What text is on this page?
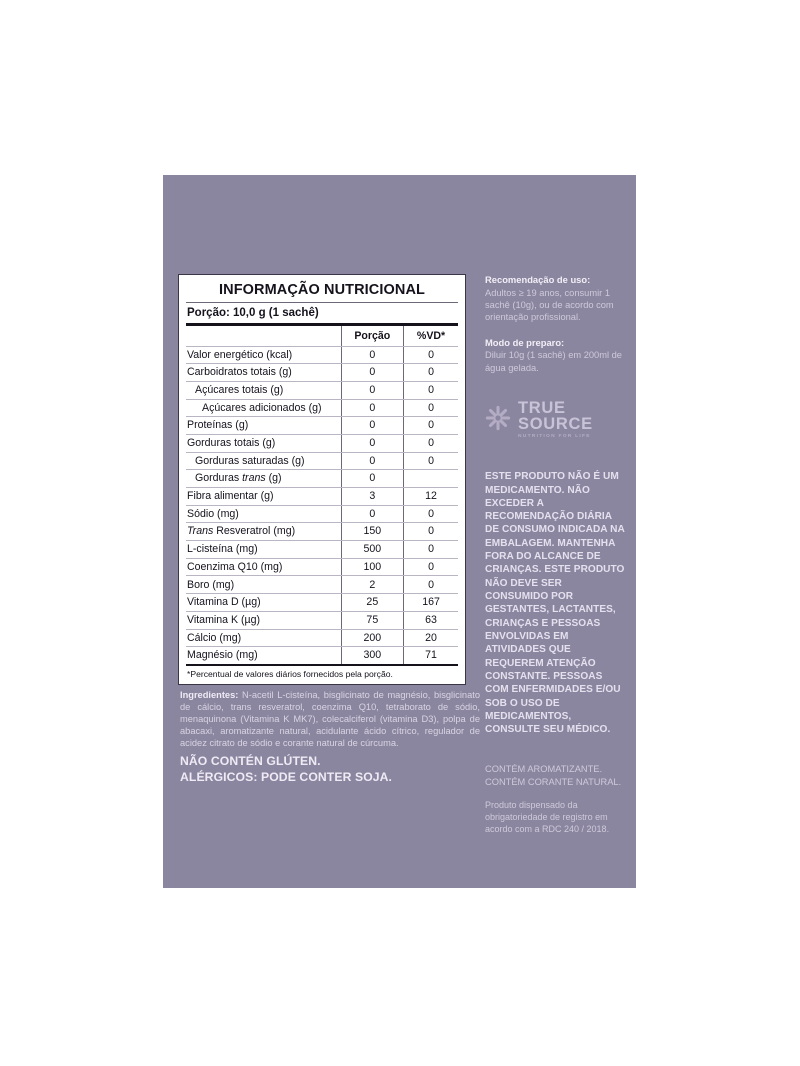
INFORMAÇÃO NUTRICIONAL
Porção: 10,0 g (1 sachê)
	Porção	%VD*
Valor energético (kcal)	0	0
Carboidratos totais (g)	0	0
Açúcares totais (g)	0	0
Açúcares adicionados (g)	0	0
Proteínas (g)	0	0
Gorduras totais (g)	0	0
Gorduras saturadas (g)	0	0
Gorduras trans (g)	0	
Fibra alimentar (g)	3	12
Sódio (mg)	0	0
Trans Resveratrol (mg)	150	0
L-cisteína (mg)	500	0
Coenzima Q10 (mg)	100	0
Boro (mg)	2	0
Vitamina D (µg)	25	167
Vitamina K (µg)	75	63
Cálcio (mg)	200	20
Magnésio (mg)	300	71
*Percentual de valores diários fornecidos pela porção.

Ingredientes: N-acetil L-cisteína, bisglicinato de magnésio, bisglicinato de cálcio, trans resveratrol, coenzima Q10, tetraborato de sódio, menaquinona (Vitamina K MK7), colecalciferol (vitamina D3), polpa de abacaxi, aromatizante natural, acidulante ácido cítrico, regulador de acidez citrato de sódio e corante natural de cúrcuma.

NÃO CONTÉN GLÚTEN.

ALÉRGICOS: PODE CONTER SOJA.

Recomendação de uso:

Adultos ≥ 19 anos, consumir 1 sachê (10g), ou de acordo com orientação profissional.

Modo de preparo:

Diluir 10g (1 sachê) em 200ml de água gelada.

TRUE
SOURCE
NUTRITION FOR LIFE
ESTE PRODUTO NÃO É UM MEDICAMENTO. NÃO EXCEDER A RECOMENDAÇÃO DIÁRIA DE CONSUMO INDICADA NA EMBALAGEM. MANTENHA FORA DO ALCANCE DE CRIANÇAS. ESTE PRODUTO NÃO DEVE SER CONSUMIDO POR GESTANTES, LACTANTES, CRIANÇAS E PESSOAS ENVOLVIDAS EM ATIVIDADES QUE REQUEREM ATENÇÃO CONSTANTE. PESSOAS COM ENFERMIDADES E/OU SOB O USO DE MEDICAMENTOS, CONSULTE SEU MÉDICO.
CONTÉM AROMATIZANTE.
CONTÉM CORANTE NATURAL.
Produto dispensado da obrigatoriedade de registro em acordo com a RDC 240 / 2018.
